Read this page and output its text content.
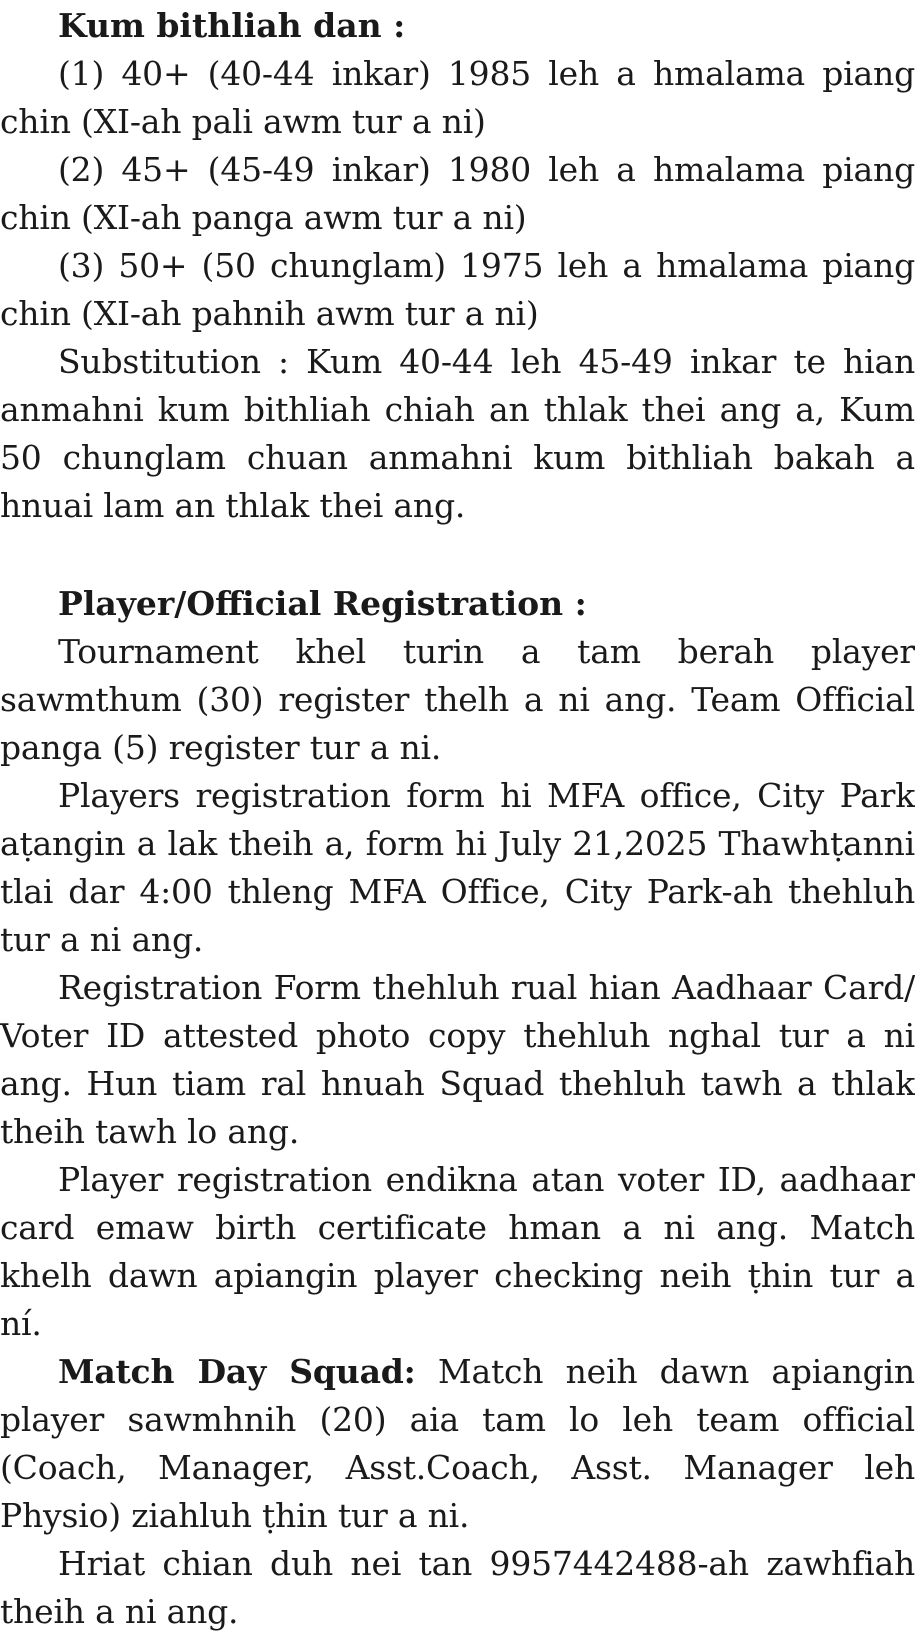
Kum bithliah dan :

(1) 40+ (40-44 inkar) 1985 leh a hmalama piang chin (XI-ah pali awm tur a ni)

(2) 45+ (45-49 inkar) 1980 leh a hmalama piang chin (XI-ah panga awm tur a ni)

(3) 50+ (50 chunglam) 1975 leh a hmalama piang chin (XI-ah pahnih awm tur a ni)

Substitution : Kum 40-44 leh 45-49 inkar te hian anmahni kum bithliah chiah an thlak thei ang a, Kum 50 chunglam chuan anmahni kum bithliah bakah a hnuai lam an thlak thei ang.

Player/Official Registration :

Tournament khel turin a tam berah player sawmthum (30) register thelh a ni ang. Team Official panga (5) register tur a ni.

Players registration form hi MFA office, City Park aṭangin a lak theih a, form hi July 21,2025 Thawhṭanni tlai dar 4:00 thleng MFA Office, City Park-ah thehluh tur a ni ang.

Registration Form thehluh rual hian Aadhaar Card/ Voter ID attested photo copy thehluh nghal tur a ni ang. Hun tiam ral hnuah Squad thehluh tawh a thlak theih tawh lo ang.

Player registration endikna atan voter ID, aadhaar card emaw birth certificate hman a ni ang. Match khelh dawn apiangin player checking neih ṭhin tur a ní.

Match Day Squad: Match neih dawn apiangin player sawmhnih (20) aia tam lo leh team official (Coach, Manager, Asst.Coach, Asst. Manager leh Physio) ziahluh ṭhin tur a ni.

Hriat chian duh nei tan 9957442488-ah zawhfiah theih a ni ang.
